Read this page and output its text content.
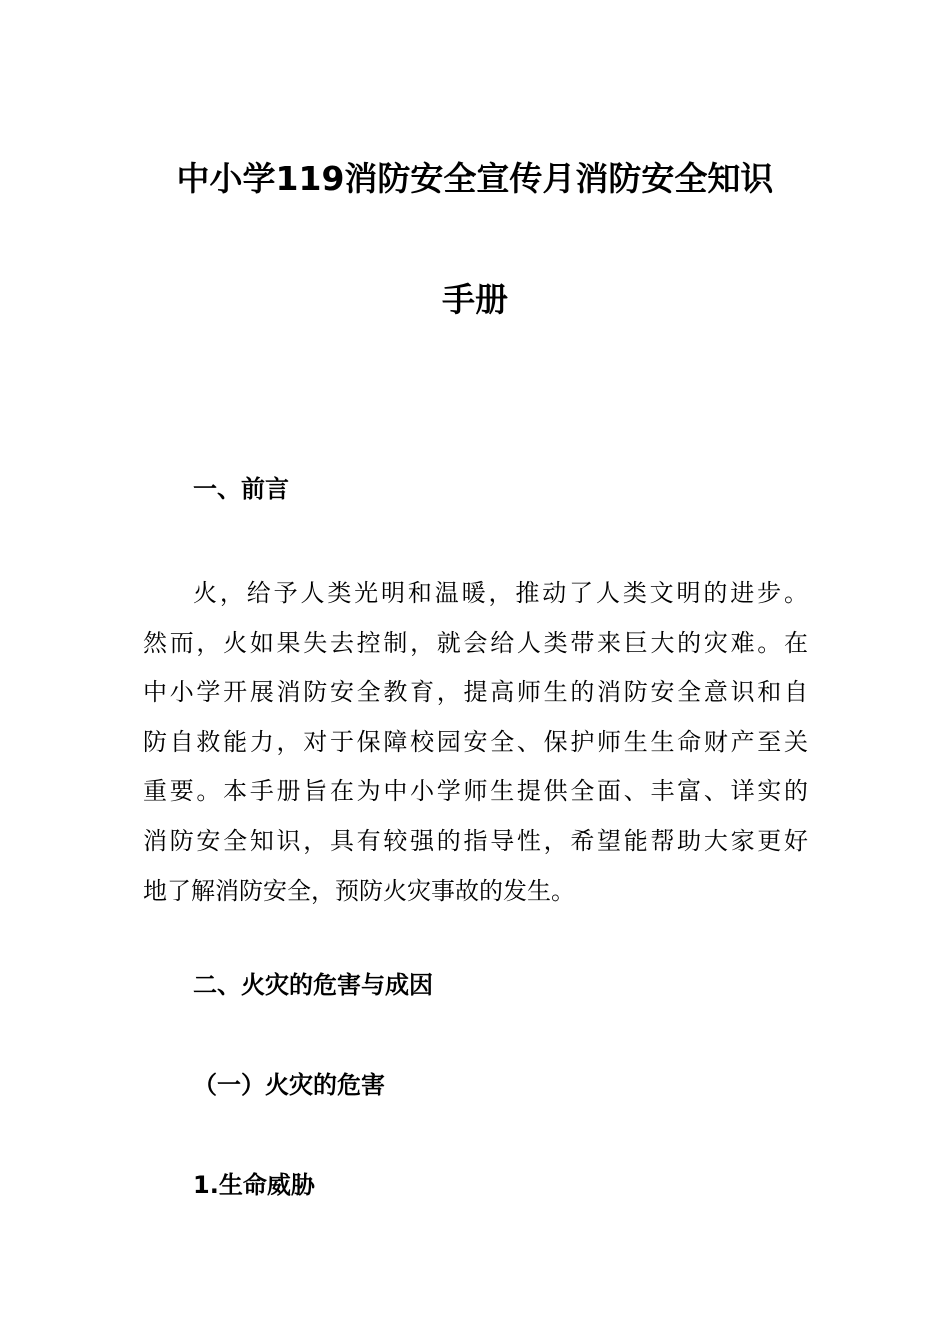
中小学119消防安全宣传月消防安全知识
手册
一、前言

火，给予人类光明和温暖，推动了人类文明的进步。
然而，火如果失去控制，就会给人类带来巨大的灾难。在
中小学开展消防安全教育，提高师生的消防安全意识和自
防自救能力，对于保障校园安全、保护师生生命财产至关
重要。本手册旨在为中小学师生提供全面、丰富、详实的
消防安全知识，具有较强的指导性，希望能帮助大家更好
地了解消防安全，预防火灾事故的发生。

二、火灾的危害与成因
（一）火灾的危害
1.生命威胁
